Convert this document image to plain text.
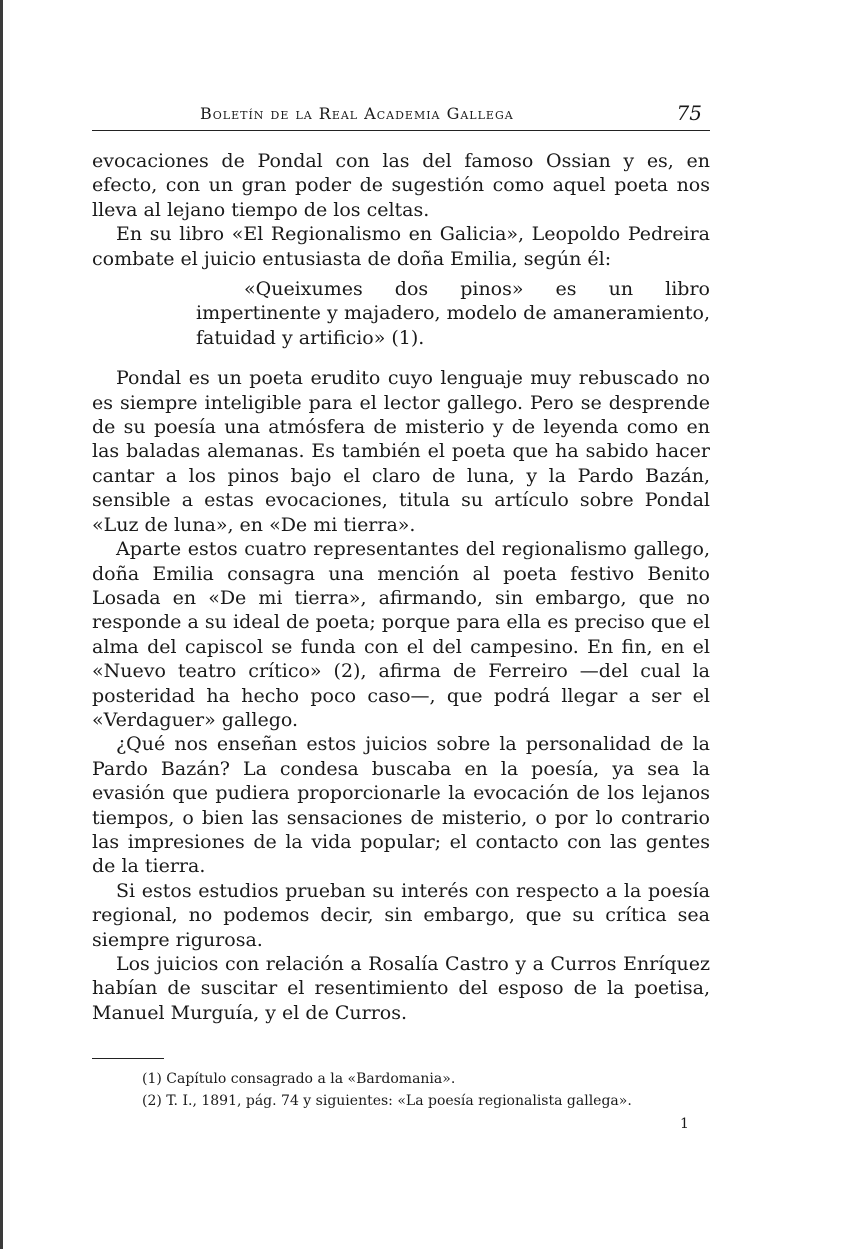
Boletín de la Real Academia Gallega	75

evocaciones de Pondal con las del famoso Ossian y es, en efecto, con un gran poder de sugestión como aquel poeta nos lleva al lejano tiempo de los celtas.

En su libro «El Regionalismo en Galicia», Leopoldo Pedreira combate el juicio entusiasta de doña Emilia, según él:

«Queixumes dos pinos» es un libro impertinente y majadero, modelo de amaneramiento, fatuidad y artificio» (1).

Pondal es un poeta erudito cuyo lenguaje muy rebuscado no es siempre inteligible para el lector gallego. Pero se desprende de su poesía una atmósfera de misterio y de leyenda como en las baladas alemanas. Es también el poeta que ha sabido hacer cantar a los pinos bajo el claro de luna, y la Pardo Bazán, sensible a estas evocaciones, titula su artículo sobre Pondal «Luz de luna», en «De mi tierra».

Aparte estos cuatro representantes del regionalismo gallego, doña Emilia consagra una mención al poeta festivo Benito Losada en «De mi tierra», afirmando, sin embargo, que no responde a su ideal de poeta; porque para ella es preciso que el alma del capiscol se funda con el del campesino. En fin, en el «Nuevo teatro crítico» (2), afirma de Ferreiro —del cual la posteridad ha hecho poco caso—, que podrá llegar a ser el «Verdaguer» gallego.

¿Qué nos enseñan estos juicios sobre la personalidad de la Pardo Bazán? La condesa buscaba en la poesía, ya sea la evasión que pudiera proporcionarle la evocación de los lejanos tiempos, o bien las sensaciones de misterio, o por lo contrario las impresiones de la vida popular; el contacto con las gentes de la tierra.

Si estos estudios prueban su interés con respecto a la poesía regional, no podemos decir, sin embargo, que su crítica sea siempre rigurosa.

Los juicios con relación a Rosalía Castro y a Curros Enríquez habían de suscitar el resentimiento del esposo de la poetisa, Manuel Murguía, y el de Curros.

(1) Capítulo consagrado a la «Bardomania».

(2) T. I., 1891, pág. 74 y siguientes: «La poesía regionalista gallega».

1
